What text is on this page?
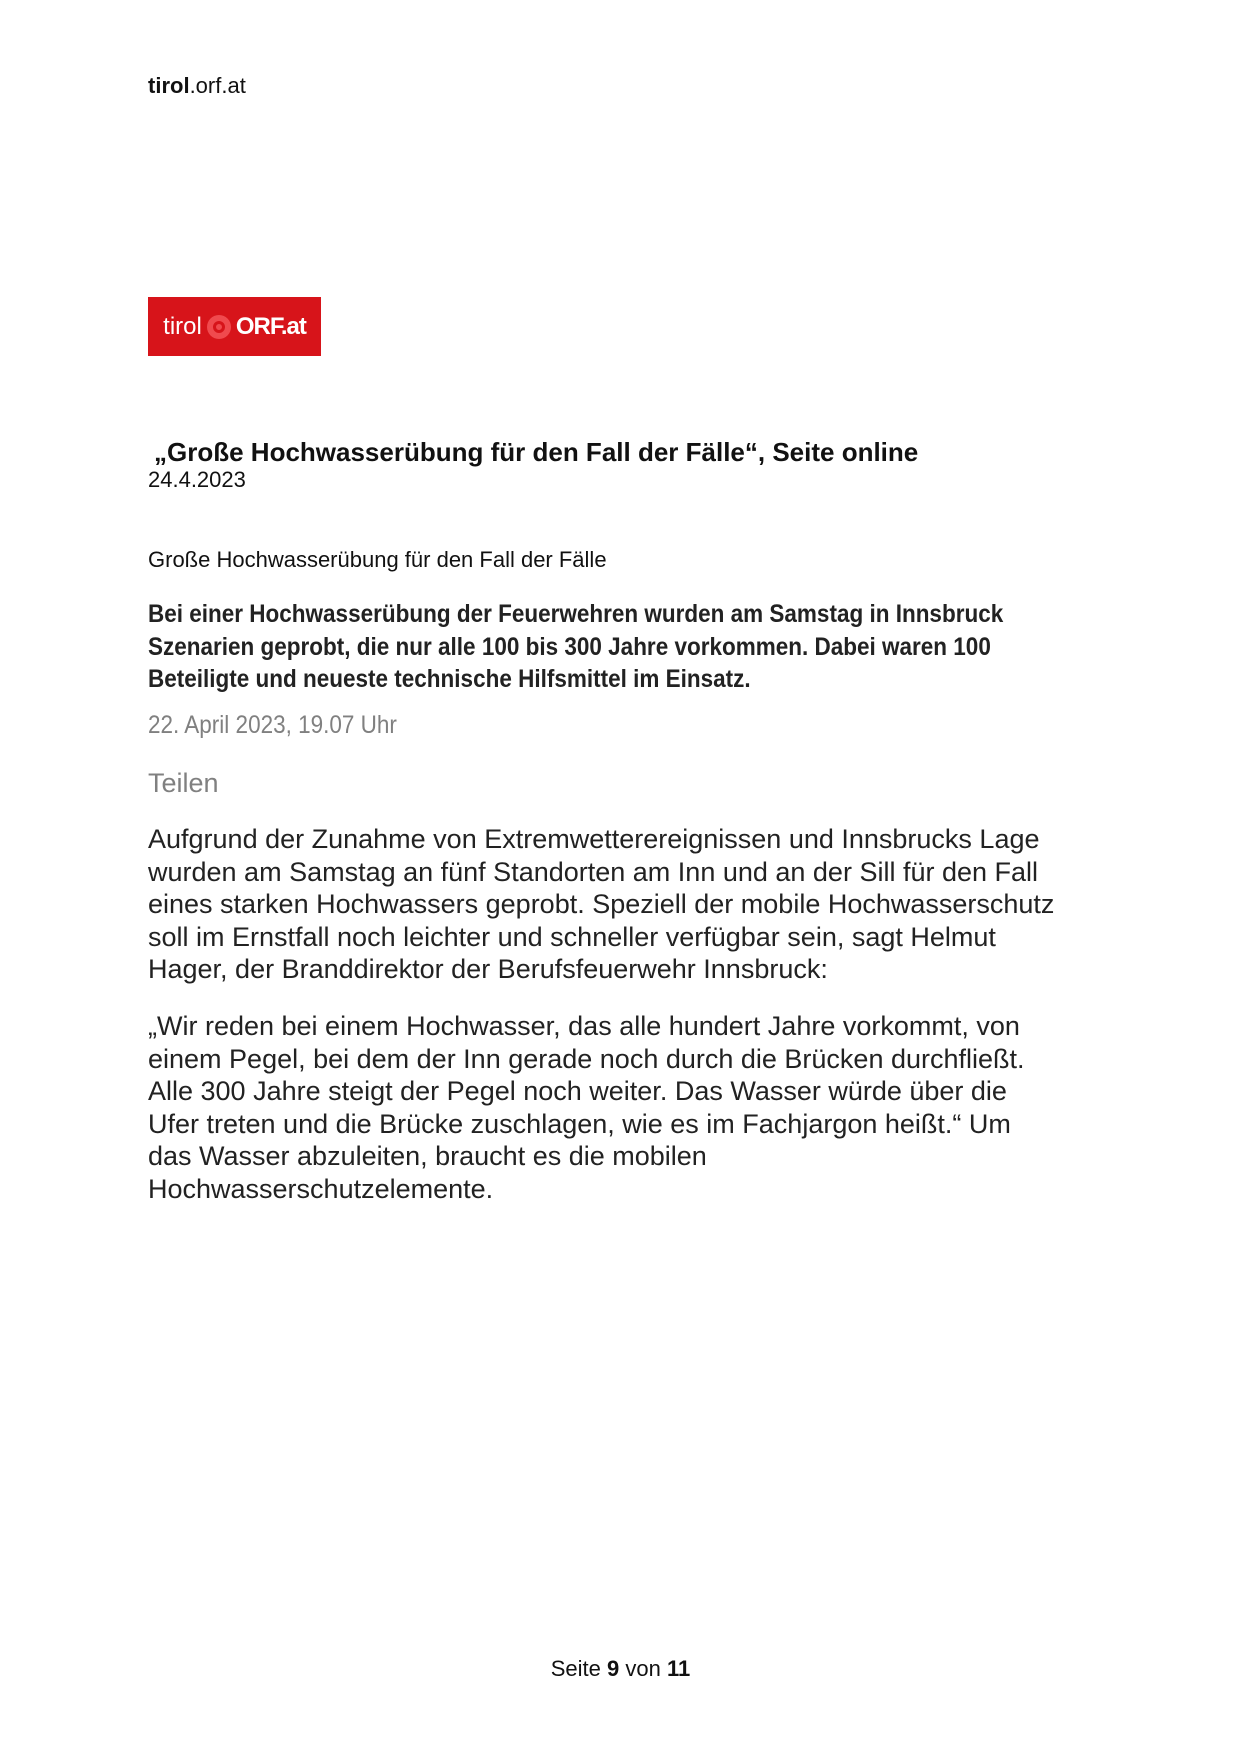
tirol.orf.at
tirol ORF.at
„Große Hochwasserübung für den Fall der Fälle“, Seite online
24.4.2023
Große Hochwasserübung für den Fall der Fälle
Bei einer Hochwasserübung der Feuerwehren wurden am Samstag in Innsbruck
Szenarien geprobt, die nur alle 100 bis 300 Jahre vorkommen. Dabei waren 100
Beteiligte und neueste technische Hilfsmittel im Einsatz.
22. April 2023, 19.07 Uhr
Teilen
Aufgrund der Zunahme von Extremwetterereignissen und Innsbrucks Lage
wurden am Samstag an fünf Standorten am Inn und an der Sill für den Fall
eines starken Hochwassers geprobt. Speziell der mobile Hochwasserschutz
soll im Ernstfall noch leichter und schneller verfügbar sein, sagt Helmut
Hager, der Branddirektor der Berufsfeuerwehr Innsbruck:
„Wir reden bei einem Hochwasser, das alle hundert Jahre vorkommt, von
einem Pegel, bei dem der Inn gerade noch durch die Brücken durchfließt.
Alle 300 Jahre steigt der Pegel noch weiter. Das Wasser würde über die
Ufer treten und die Brücke zuschlagen, wie es im Fachjargon heißt.“ Um
das Wasser abzuleiten, braucht es die mobilen
Hochwasserschutzelemente.
Seite 9 von 11
